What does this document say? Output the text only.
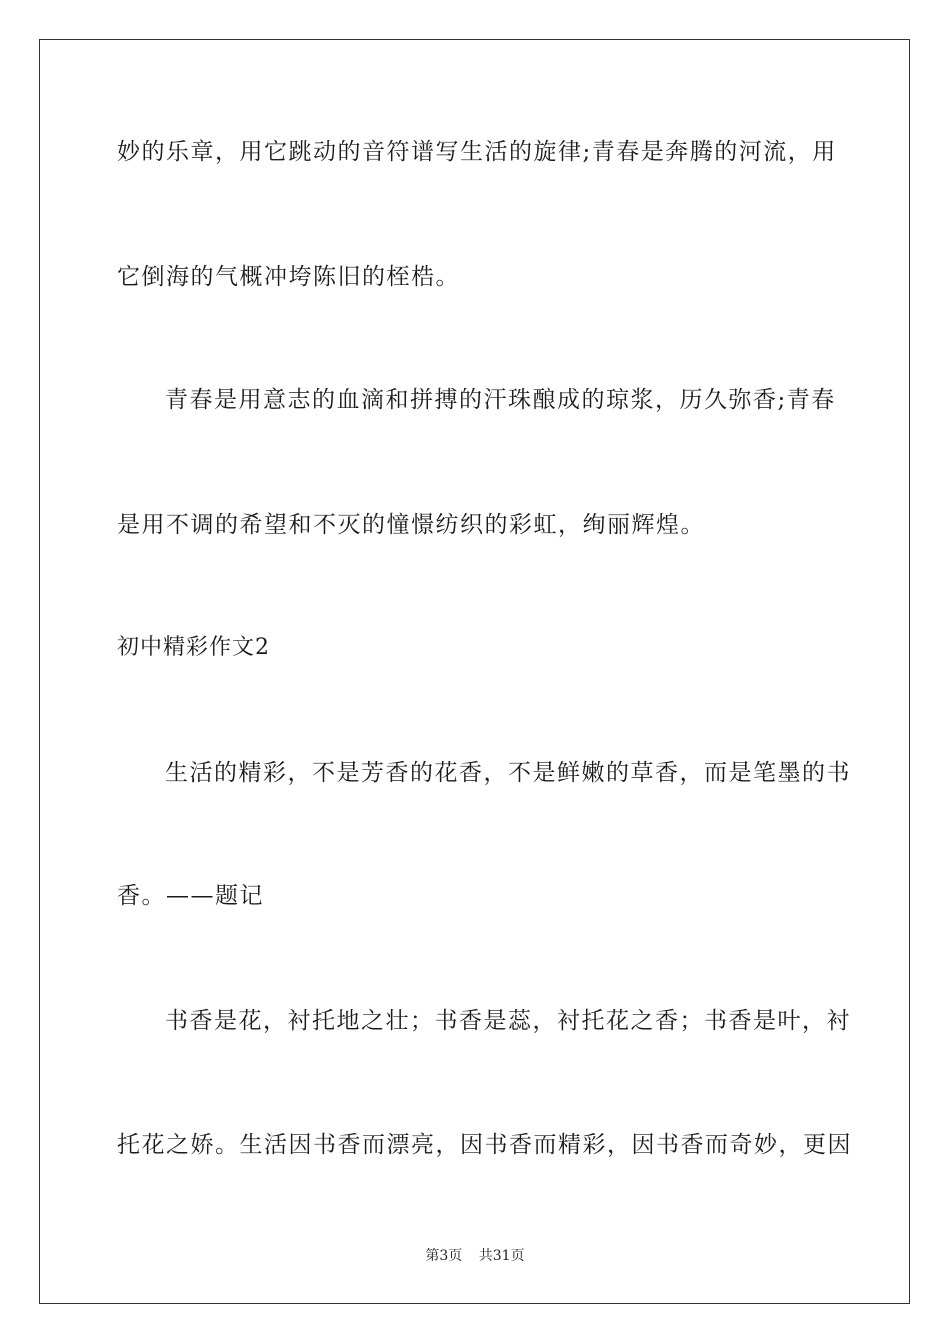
妙的乐章，用它跳动的音符谱写生活的旋律;青春是奔腾的河流，用
它倒海的气概冲垮陈旧的桎梏。
青春是用意志的血滴和拼搏的汗珠酿成的琼浆，历久弥香;青春
是用不调的希望和不灭的憧憬纺织的彩虹，绚丽辉煌。
初中精彩作文2
生活的精彩，不是芳香的花香，不是鲜嫩的草香，而是笔墨的书
香。——题记
书香是花，衬托地之壮；书香是蕊，衬托花之香；书香是叶，衬
托花之娇。生活因书香而漂亮，因书香而精彩，因书香而奇妙，更因
第3页 共31页
